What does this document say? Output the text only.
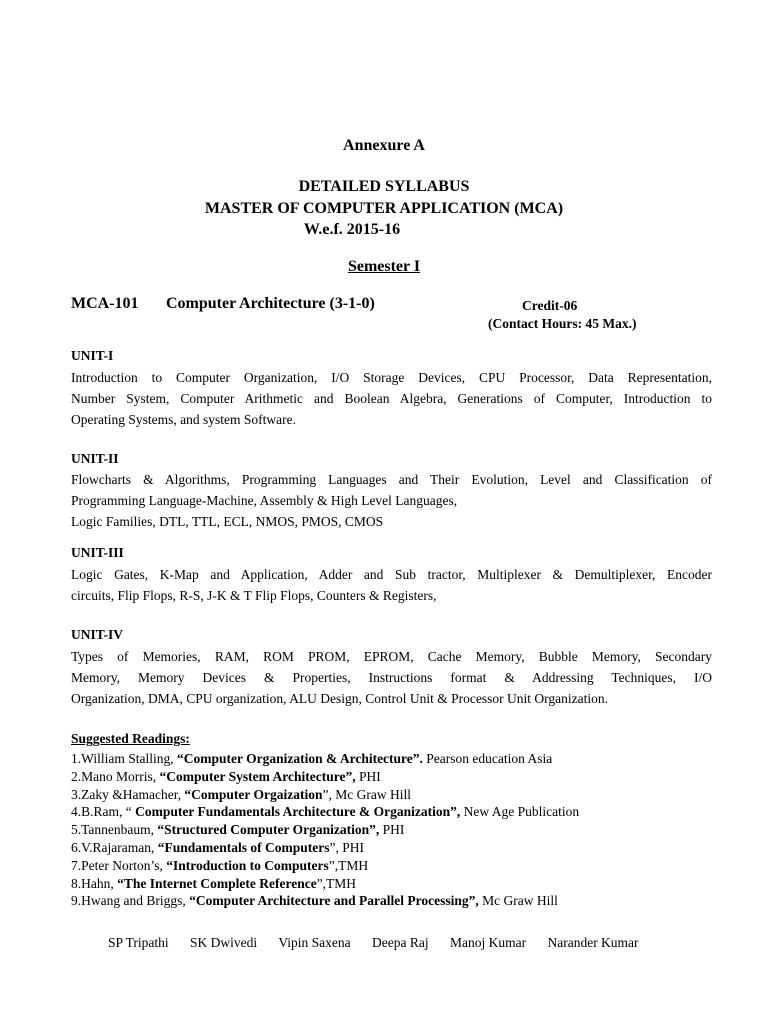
Annexure A
DETAILED SYLLABUS
MASTER OF COMPUTER APPLICATION (MCA)
W.e.f. 2015-16
Semester I
MCA-101 Computer Architecture (3-1-0)	Credit-06
(Contact Hours: 45 Max.)
UNIT-I
Introduction to Computer Organization, I/O Storage Devices, CPU Processor, Data Representation,
Number System, Computer Arithmetic and Boolean Algebra, Generations of Computer, Introduction to
Operating Systems, and system Software.
UNIT-II
Flowcharts & Algorithms, Programming Languages and Their Evolution, Level and Classification of
Programming Language-Machine, Assembly & High Level Languages,
Logic Families, DTL, TTL, ECL, NMOS, PMOS, CMOS
UNIT-III
Logic Gates, K-Map and Application, Adder and Sub tractor, Multiplexer & Demultiplexer, Encoder
circuits, Flip Flops, R-S, J-K & T Flip Flops, Counters & Registers,
UNIT-IV
Types of Memories, RAM, ROM PROM, EPROM, Cache Memory, Bubble Memory, Secondary
Memory, Memory Devices & Properties, Instructions format & Addressing Techniques, I/O
Organization, DMA, CPU organization, ALU Design, Control Unit & Processor Unit Organization.
Suggested Readings:
1.William Stalling, “Computer Organization & Architecture”. Pearson education Asia
2.Mano Morris, “Computer System Architecture”, PHI
3.Zaky &Hamacher, “Computer Orgaization”, Mc Graw Hill
4.B.Ram, “ Computer Fundamentals Architecture & Organization”, New Age Publication
5.Tannenbaum, “Structured Computer Organization”, PHI
6.V.Rajaraman, “Fundamentals of Computers”, PHI
7.Peter Norton’s, “Introduction to Computers”,TMH
8.Hahn, “The Internet Complete Reference”,TMH
9.Hwang and Briggs, “Computer Architecture and Parallel Processing”, Mc Graw Hill
SP Tripathi SK Dwivedi Vipin Saxena Deepa Raj Manoj Kumar Narander Kumar
